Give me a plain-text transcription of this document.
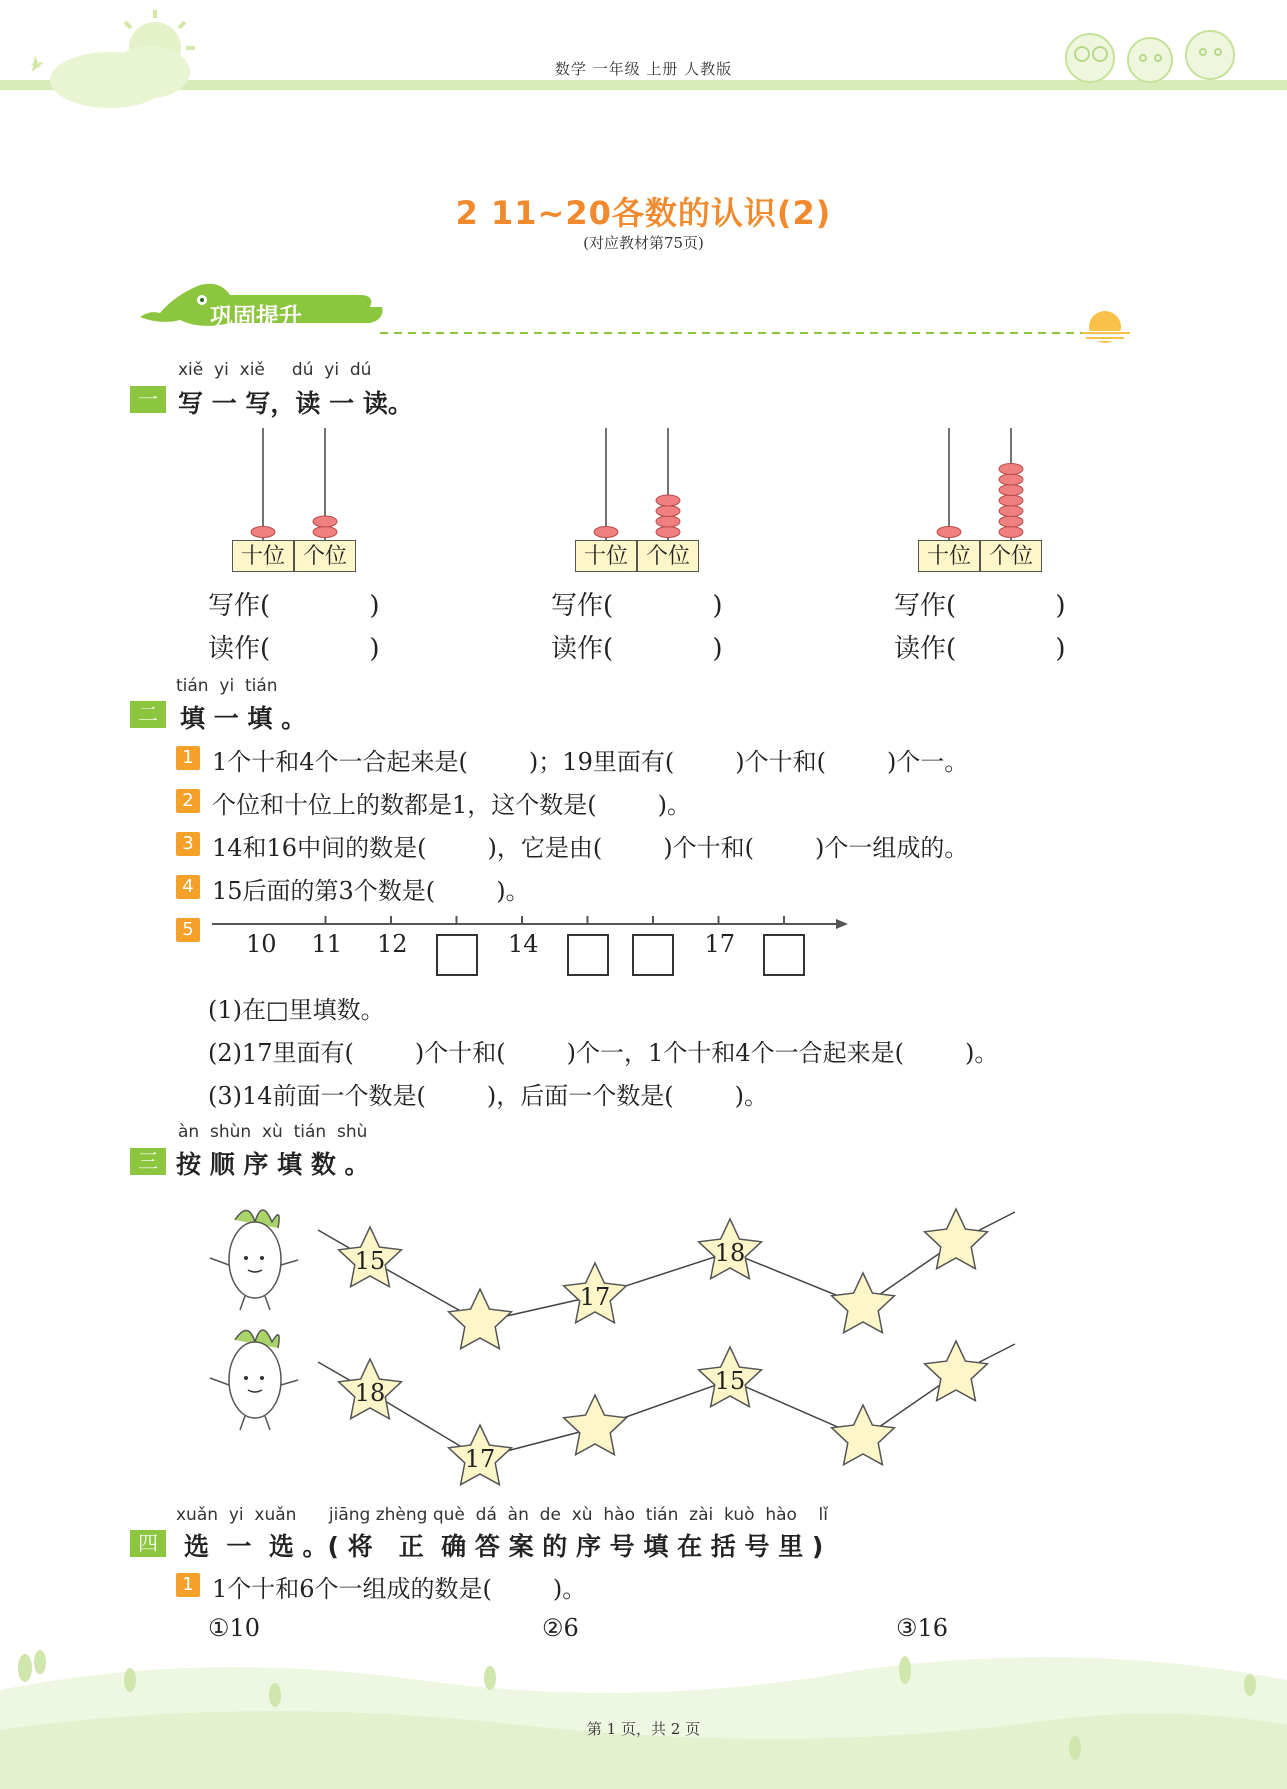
数学 一年级 上册 人教版
2 11~20各数的认识(2)
(对应教材第75页)
巩固提升
xiě  yi  xiě     dú  yi  dú
一 写 一 写，读 一 读。
十位 个位	十位 个位	十位 个位
写作(            )
读作(            )
写作(            )
读作(            )
写作(            )
读作(            )
tián  yi  tián
二 填 一 填 。
1 1个十和4个一合起来是(        )；19里面有(        )个十和(        )个一。
2 个位和十位上的数都是1，这个数是(        )。
3 14和16中间的数是(        )，它是由(        )个十和(        )个一组成的。
4 15后面的第3个数是(        )。
5
10 11 12	14	17
(1)在□里填数。
(2)17里面有(        )个十和(        )个一，1个十和4个一合起来是(        )。
(3)14前面一个数是(        )，后面一个数是(        )。
àn  shùn  xù  tián  shù
三 按 顺 序 填 数 。
15
17
18
18
17
15
xuǎn  yi  xuǎn      jiāng zhèng què  dá  àn  de  xù  hào  tián  zài  kuò  hào    lǐ
四	选  一  选 。( 将   正  确 答 案 的 序 号 填 在 括 号 里 )
1 1个十和6个一组成的数是(        )。
①10	②6	③16
第 1 页，共 2 页
